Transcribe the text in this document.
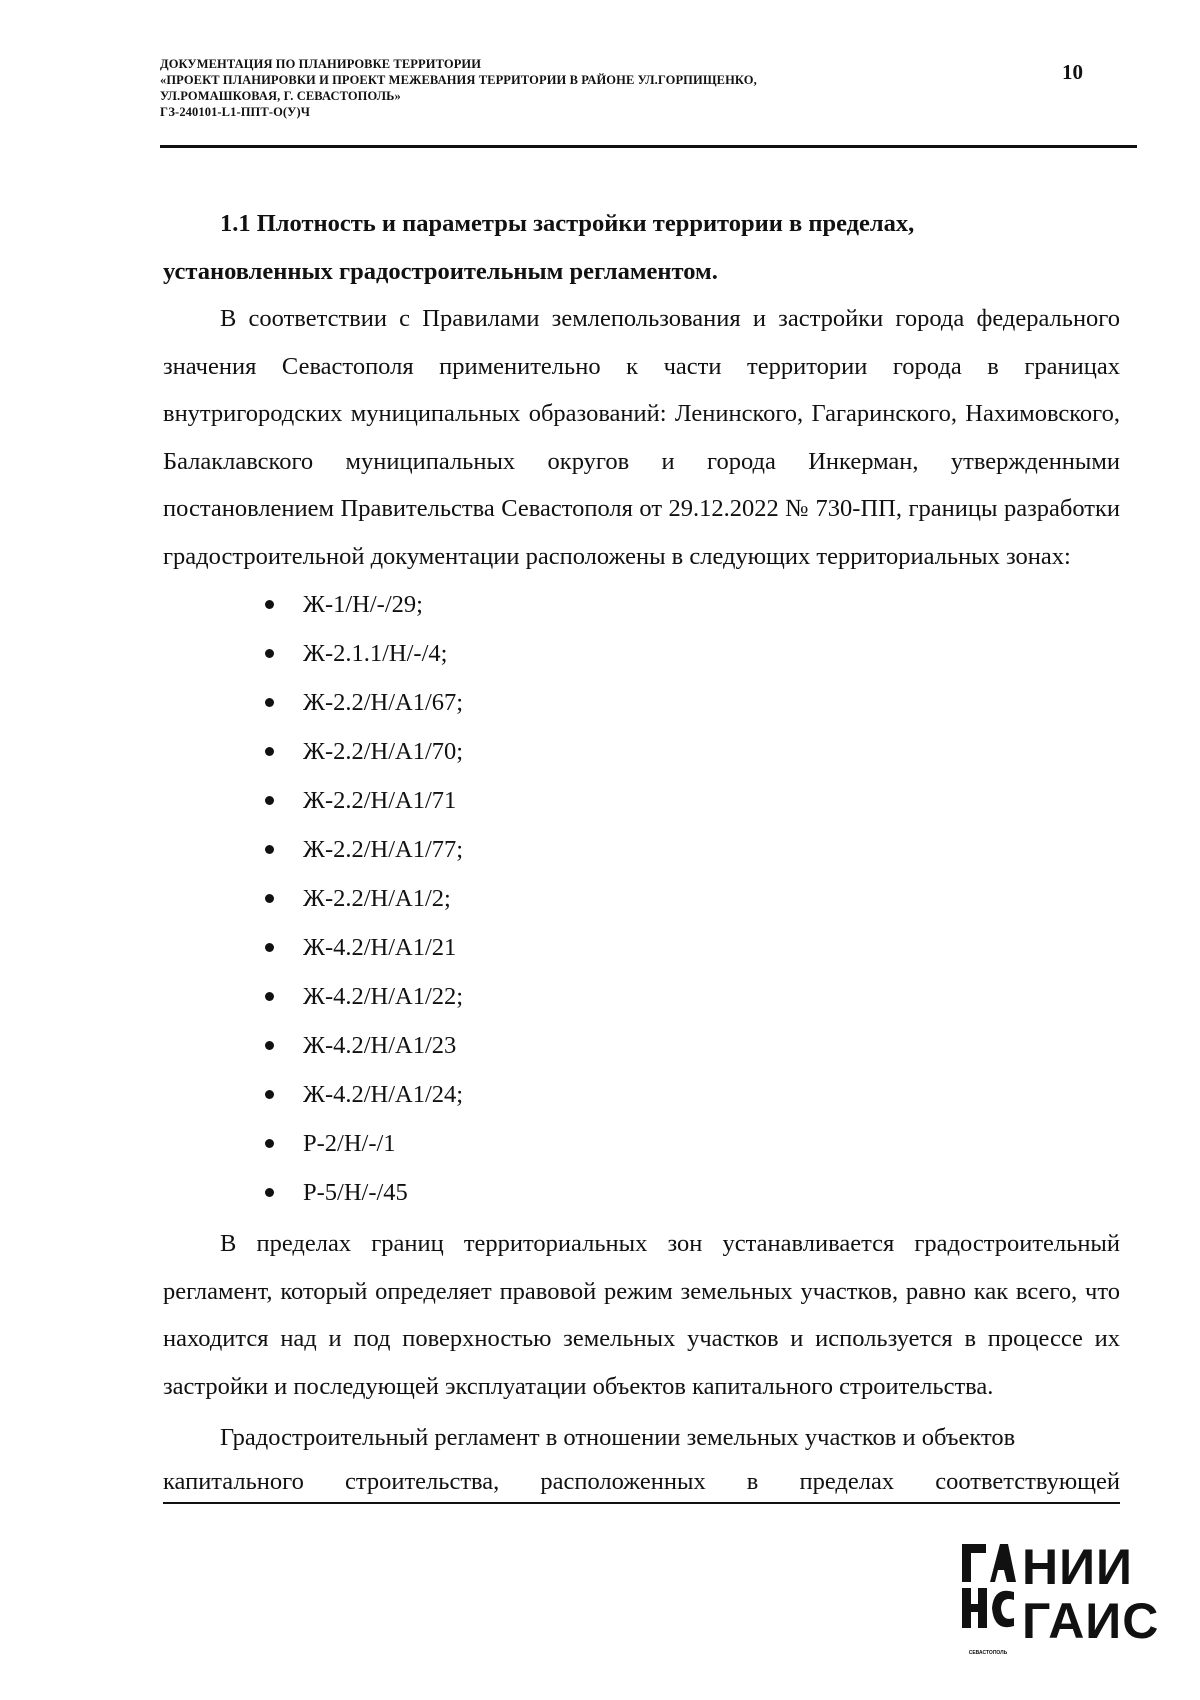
ДОКУМЕНТАЦИЯ ПО ПЛАНИРОВКЕ ТЕРРИТОРИИ
«ПРОЕКТ ПЛАНИРОВКИ И ПРОЕКТ МЕЖЕВАНИЯ ТЕРРИТОРИИ В РАЙОНЕ УЛ.ГОРПИЩЕНКО,
УЛ.РОМАШКОВАЯ, Г. СЕВАСТОПОЛЬ»
ГЗ-240101-L1-ППТ-О(У)Ч
10

1.1 Плотность и параметры застройки территории в пределах,
установленных градостроительным регламентом.

В соответствии с Правилами землепользования и застройки города федерального значения Севастополя применительно к части территории города в границах внутригородских муниципальных образований: Ленинского, Гагаринского, Нахимовского, Балаклавского муниципальных округов и города Инкерман, утвержденными постановлением Правительства Севастополя от 29.12.2022 № 730-ПП, границы разработки градостроительной документации расположены в следующих территориальных зонах:

Ж-1/Н/-/29;
Ж-2.1.1/Н/-/4;
Ж-2.2/Н/А1/67;
Ж-2.2/Н/А1/70;
Ж-2.2/Н/А1/71
Ж-2.2/Н/А1/77;
Ж-2.2/Н/А1/2;
Ж-4.2/Н/А1/21
Ж-4.2/Н/А1/22;
Ж-4.2/Н/А1/23
Ж-4.2/Н/А1/24;
Р-2/Н/-/1
Р-5/Н/-/45

В пределах границ территориальных зон устанавливается градостроительный регламент, который определяет правовой режим земельных участков, равно как всего, что находится над и под поверхностью земельных участков и используется в процессе их застройки и последующей эксплуатации объектов капитального строительства.

Градостроительный регламент в отношении земельных участков и объектов
капитального строительства, расположенных в пределах соответствующей

НИИ
ГАИС
СЕВАСТОПОЛЬ
